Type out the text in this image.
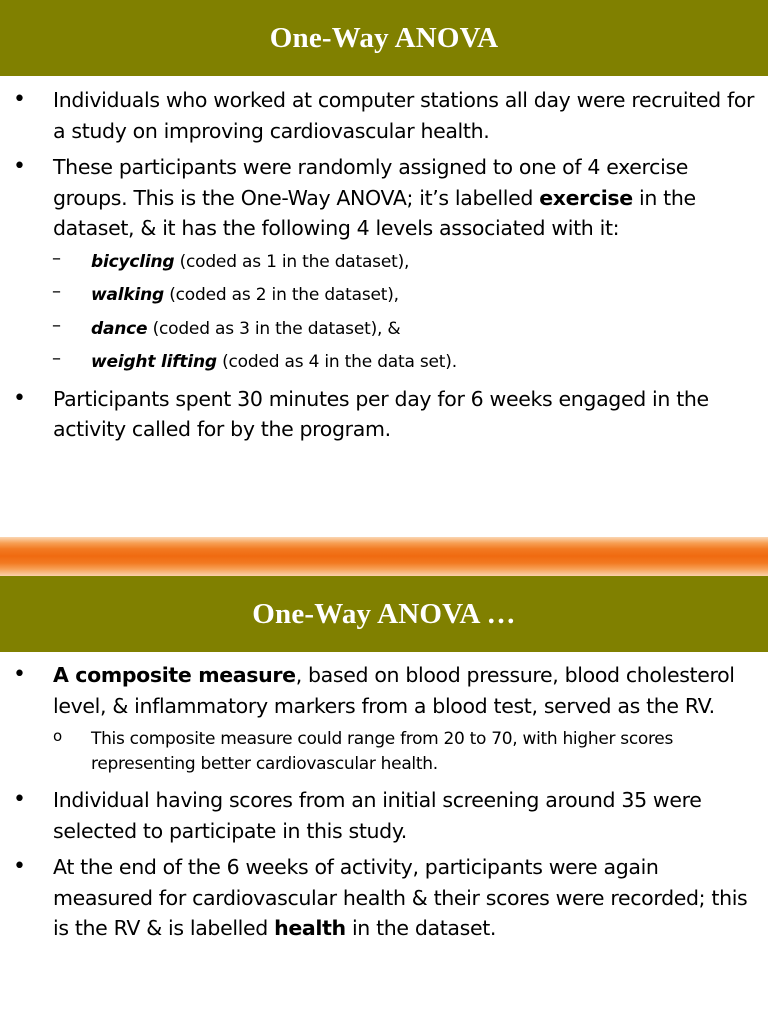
One-Way ANOVA
• Individuals who worked at computer stations all day were recruited for a study on improving cardiovascular health.
• These participants were randomly assigned to one of 4 exercise groups. This is the One-Way ANOVA; it’s labelled exercise in the dataset, & it has the following 4 levels associated with it:
– bicycling (coded as 1 in the dataset),
– walking (coded as 2 in the dataset),
– dance (coded as 3 in the dataset), &
– weight lifting (coded as 4 in the data set).
• Participants spent 30 minutes per day for 6 weeks engaged in the activity called for by the program.
One-Way ANOVA …
• A composite measure, based on blood pressure, blood cholesterol level, & inflammatory markers from a blood test, served as the RV.
o This composite measure could range from 20 to 70, with higher scores representing better cardiovascular health.
• Individual having scores from an initial screening around 35 were selected to participate in this study.
• At the end of the 6 weeks of activity, participants were again measured for cardiovascular health & their scores were recorded; this is the RV & is labelled health in the dataset.
